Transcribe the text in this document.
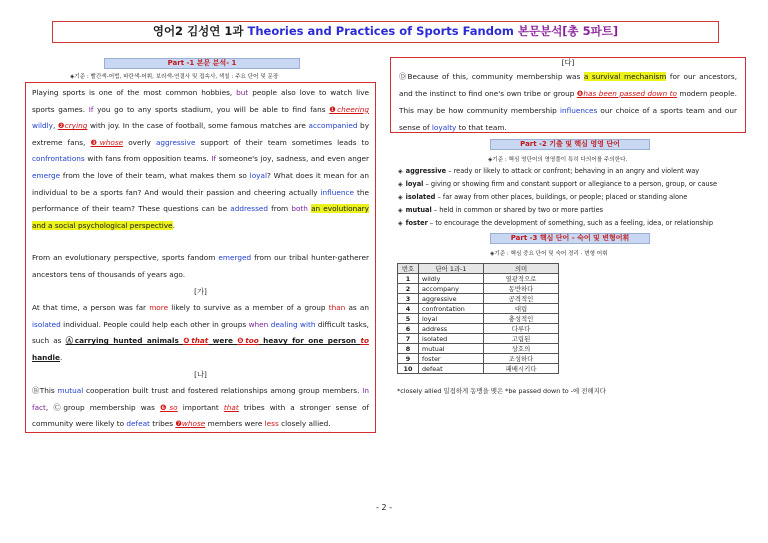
영어2 김성연 1과 Theories and Practices of Sports Fandom 본문분석[총 5파트]
Part -1 본문 분석- 1
◈기준 : 빨간색-어법, 파란색-어휘, 보라색-연결사 및 접속사, 색칠 : 주요 단어 및 문장

Playing sports is one of the most common hobbies, but people also love to watch live sports games. If you go to any sports stadium, you will be able to find fans ❶cheering wildly, ❷crying with joy. In the case of football, some famous matches are accompanied by extreme fans, ❸whose overly aggressive support of their team sometimes leads to confrontations with fans from opposition teams. If someone's joy, sadness, and even anger emerge from the love of their team, what makes them so loyal? What does it mean for an individual to be a sports fan? And would their passion and cheering actually influence the performance of their team? These questions can be addressed from both an evolutionary and a social psychological perspective.

From an evolutionary perspective, sports fandom emerged from our tribal hunter-gatherer ancestors tens of thousands of years ago.

[가]

At that time, a person was far more likely to survive as a member of a group than as an isolated individual. People could help each other in groups when dealing with difficult tasks, such as Ⓐcarrying hunted animals ❹that were ❺too heavy for one person to handle.

[나]

ⒷThis mutual cooperation built trust and fostered relationships among group members. In fact, Ⓒgroup membership was ❻so important that tribes with a stronger sense of community were likely to defeat tribes ❼whose members were less closely allied.

[다]

ⒹBecause of this, community membership was a survival mechanism for our ancestors, and the instinct to find one's own tribe or group ❽has been passed down to modern people. This may be how community membership influences our choice of a sports team and our sense of loyalty to that team.

Part -2 기출 및 핵심 영영 단어
◈기준 : 핵심 영단어의 영영풀이 특히 다의어를 주의한다.
◈ aggressive – ready or likely to attack or confront; behaving in an angry and violent way
◈ loyal – giving or showing firm and constant support or allegiance to a person, group, or cause
◈ isolated – far away from other places, buildings, or people; placed or standing alone
◈ mutual – held in common or shared by two or more parties
◈ foster – to encourage the development of something, such as a feeling, idea, or relationship
Part -3 핵심 단어 - 숙어 및 변형어휘
◈기준 : 핵심 중요 단어 및 숙어 정리 · 변형 어휘
번호	단어 1과-1	의미
1	wildly	열광적으로
2	accompany	동반하다
3	aggressive	공격적인
4	confrontation	대립
5	loyal	충성적인
6	address	다루다
7	isolated	고립된
8	mutual	상호의
9	foster	조성하다
10	defeat	패배시키다
*closely allied 밀접하게 동맹을 맺은 *be passed down to -에 전해지다
- 2 -
